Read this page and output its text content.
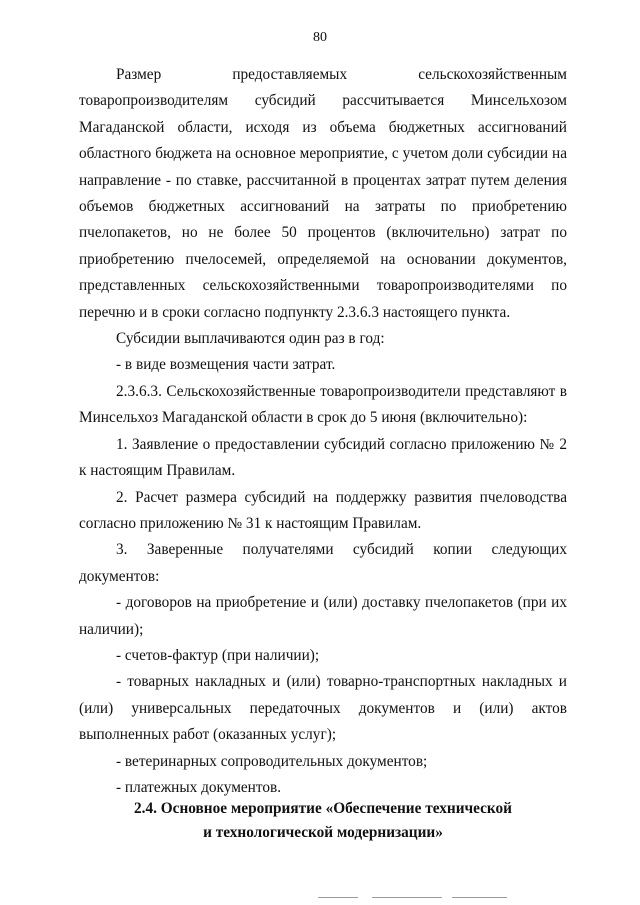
80

Размер предоставляемых сельскохозяйственным товаропроизводителям субсидий рассчитывается Минсельхозом Магаданской области, исходя из объема бюджетных ассигнований областного бюджета на основное мероприятие, с учетом доли субсидии на направление - по ставке, рассчитанной в процентах затрат путем деления объемов бюджетных ассигнований на затраты по приобретению пчелопакетов, но не более 50 процентов (включительно) затрат по приобретению пчелосемей, определяемой на основании документов, представленных сельскохозяйственными товаропроизводителями по перечню и в сроки согласно подпункту 2.3.6.3 настоящего пункта.

Субсидии выплачиваются один раз в год:

- в виде возмещения части затрат.

2.3.6.3. Сельскохозяйственные товаропроизводители представляют в Минсельхоз Магаданской области в срок до 5 июня (включительно):

1. Заявление о предоставлении субсидий согласно приложению № 2 к настоящим Правилам.

2. Расчет размера субсидий на поддержку развития пчеловодства согласно приложению № 31 к настоящим Правилам.

3. Заверенные получателями субсидий копии следующих документов:

- договоров на приобретение и (или) доставку пчелопакетов (при их наличии);

- счетов-фактур (при наличии);

- товарных накладных и (или) товарно-транспортных накладных и (или) универсальных передаточных документов и (или) актов выполненных работ (оказанных услуг);

- ветеринарных сопроводительных документов;

- платежных документов.

2.4. Основное мероприятие «Обеспечение технической
и технологической модернизации»
